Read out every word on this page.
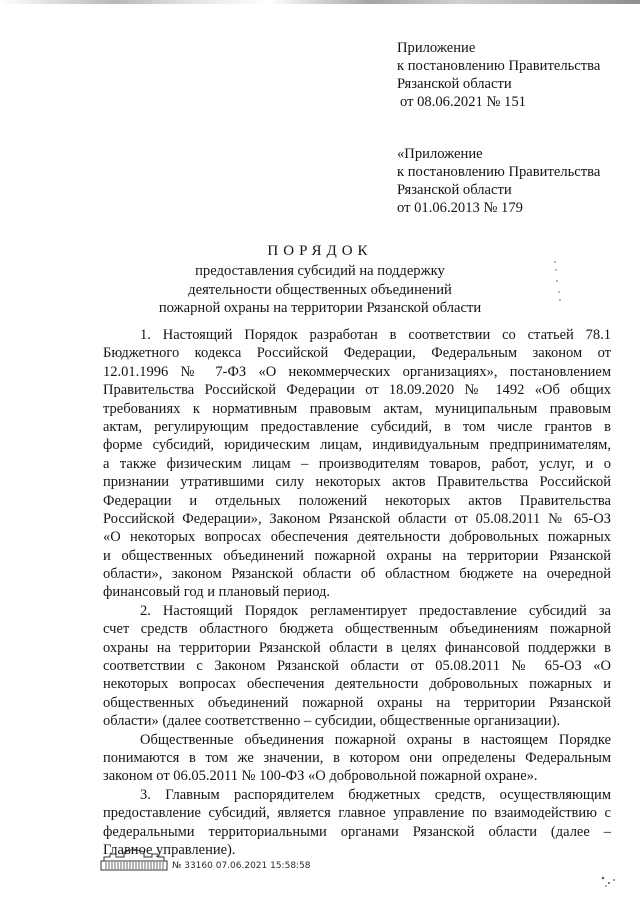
Приложение
к постановлению Правительства
Рязанской области
от 08.06.2021 № 151
«Приложение
к постановлению Правительства
Рязанской области
от 01.06.2013 № 179
ПОРЯДОК
предоставления субсидий на поддержку
деятельности общественных объединений
пожарной охраны на территории Рязанской области
1. Настоящий Порядок разработан в соответствии со статьей 78.1
Бюджетного кодекса Российской Федерации, Федеральным законом от
12.01.1996 № 7-ФЗ «О некоммерческих организациях», постановлением
Правительства Российской Федерации от 18.09.2020 № 1492 «Об общих
требованиях к нормативным правовым актам, муниципальным правовым
актам, регулирующим предоставление субсидий, в том числе грантов в
форме субсидий, юридическим лицам, индивидуальным предпринимателям,
а также физическим лицам – производителям товаров, работ, услуг, и о
признании утратившими силу некоторых актов Правительства Российской
Федерации и отдельных положений некоторых актов Правительства
Российской Федерации», Законом Рязанской области от 05.08.2011 № 65-ОЗ
«О некоторых вопросах обеспечения деятельности добровольных пожарных
и общественных объединений пожарной охраны на территории Рязанской
области», законом Рязанской области об областном бюджете на очередной
финансовый год и плановый период.
2. Настоящий Порядок регламентирует предоставление субсидий за
счет средств областного бюджета общественным объединениям пожарной
охраны на территории Рязанской области в целях финансовой поддержки в
соответствии с Законом Рязанской области от 05.08.2011 № 65-ОЗ «О
некоторых вопросах обеспечения деятельности добровольных пожарных и
общественных объединений пожарной охраны на территории Рязанской
области» (далее соответственно – субсидии, общественные организации).
Общественные объединения пожарной охраны в настоящем Порядке
понимаются в том же значении, в котором они определены Федеральным
законом от 06.05.2011 № 100-ФЗ «О добровольной пожарной охране».
3. Главным распорядителем бюджетных средств, осуществляющим
предоставление субсидий, является главное управление по взаимодействию с
федеральными территориальными органами Рязанской области (далее –
Главное управление).
№ 33160 07.06.2021 15:58:58
